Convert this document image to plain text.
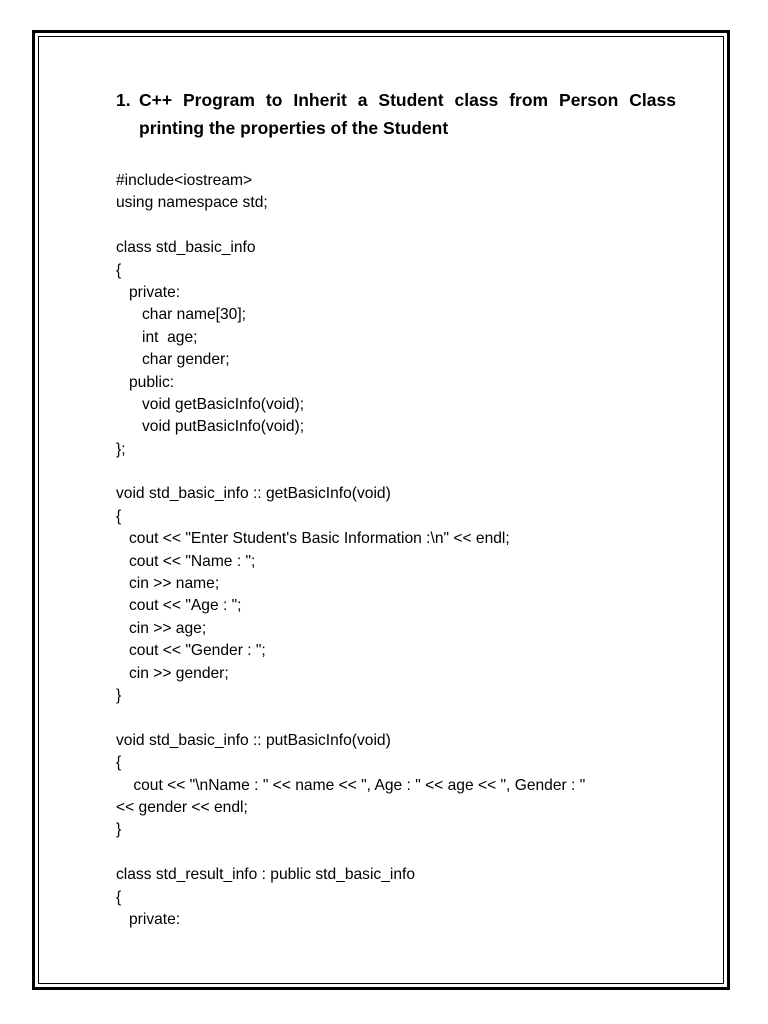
1. C++ Program to Inherit a Student class from Person Class printing the properties of the Student
#include<iostream>
using namespace std;
class std_basic_info
{
private:
char name[30];
int  age;
char gender;
public:
void getBasicInfo(void);
void putBasicInfo(void);
};
void std_basic_info :: getBasicInfo(void)
{
cout << "Enter Student's Basic Information :\n" << endl;
cout << "Name : ";
cin >> name;
cout << "Age : ";
cin >> age;
cout << "Gender : ";
cin >> gender;
}
void std_basic_info :: putBasicInfo(void)
{
cout << "\nName : " << name << ", Age : " << age << ", Gender : "
<< gender << endl;
}
class std_result_info : public std_basic_info
{
private:
